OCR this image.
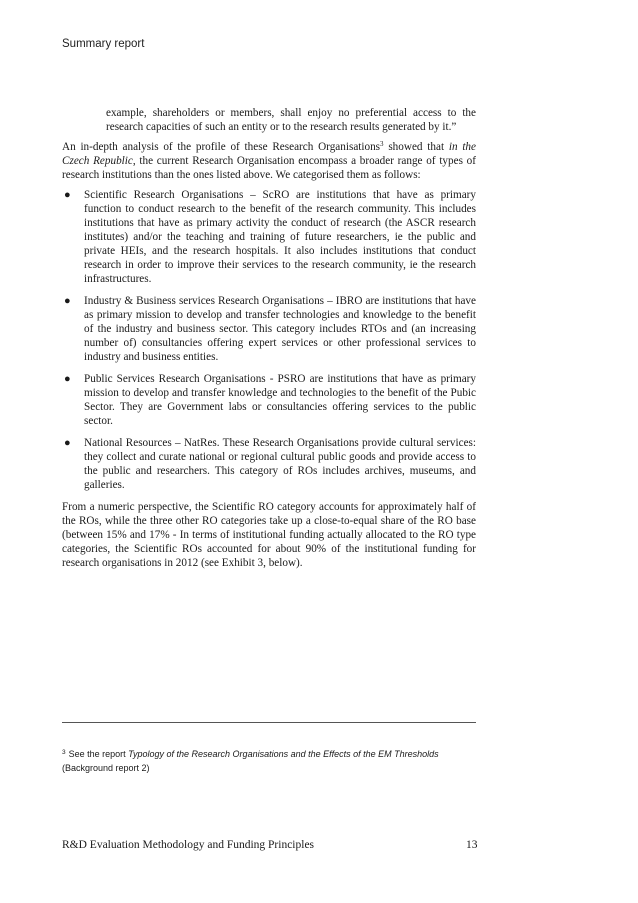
Summary report

example, shareholders or members, shall enjoy no preferential access to the research capacities of such an entity or to the research results generated by it.”

An in-depth analysis of the profile of these Research Organisations$^3$ showed that in the Czech Republic, the current Research Organisation encompass a broader range of types of research institutions than the ones listed above. We categorised them as follows:

● Scientific Research Organisations – ScRO are institutions that have as primary function to conduct research to the benefit of the research community. This includes institutions that have as primary activity the conduct of research (the ASCR research institutes) and/or the teaching and training of future researchers, ie the public and private HEIs, and the research hospitals. It also includes institutions that conduct research in order to improve their services to the research community, ie the research infrastructures.
● Industry & Business services Research Organisations – IBRO are institutions that have as primary mission to develop and transfer technologies and knowledge to the benefit of the industry and business sector. This category includes RTOs and (an increasing number of) consultancies offering expert services or other professional services to industry and business entities.
● Public Services Research Organisations - PSRO are institutions that have as primary mission to develop and transfer knowledge and technologies to the benefit of the Pubic Sector. They are Government labs or consultancies offering services to the public sector.
● National Resources – NatRes. These Research Organisations provide cultural services: they collect and curate national or regional cultural public goods and provide access to the public and researchers. This category of ROs includes archives, museums, and galleries.

From a numeric perspective, the Scientific RO category accounts for approximately half of the ROs, while the three other RO categories take up a close-to-equal share of the RO base (between 15% and 17% - In terms of institutional funding actually allocated to the RO type categories, the Scientific ROs accounted for about 90% of the institutional funding for research organisations in 2012 (see Exhibit 3, below).

$^3$ See the report Typology of the Research Organisations and the Effects of the EM Thresholds (Background report 2)
R&D Evaluation Methodology and Funding Principles	13
